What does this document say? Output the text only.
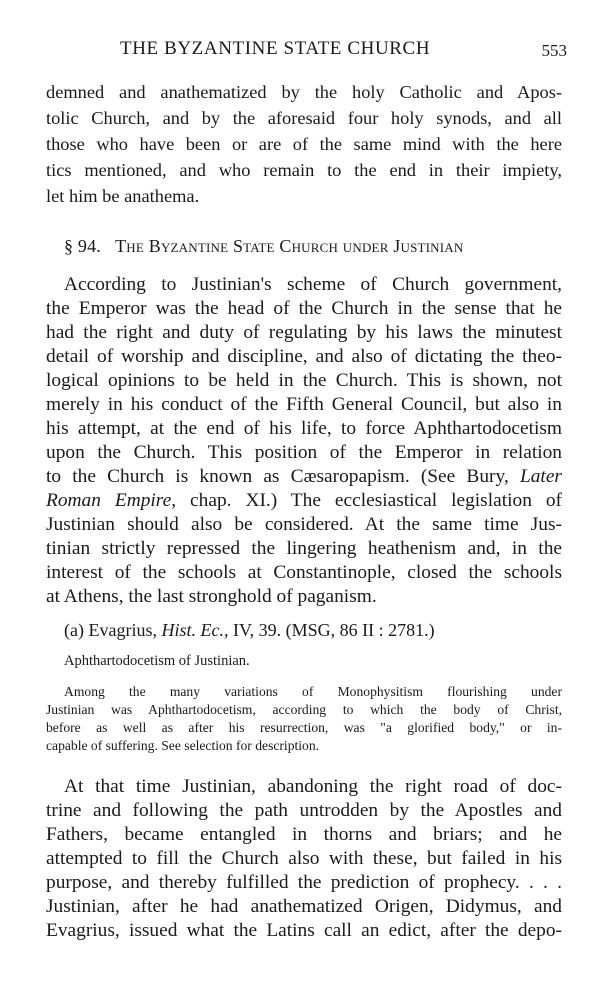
THE BYZANTINE STATE CHURCH	553
demned and anathematized by the holy Catholic and Apos-
tolic Church, and by the aforesaid four holy synods, and all
those who have been or are of the same mind with the here
tics mentioned, and who remain to the end in their impiety,
let him be anathema.
§ 94. The Byzantine State Church under Justinian
According to Justinian's scheme of Church government,
the Emperor was the head of the Church in the sense that he
had the right and duty of regulating by his laws the minutest
detail of worship and discipline, and also of dictating the theo-
logical opinions to be held in the Church. This is shown, not
merely in his conduct of the Fifth General Council, but also in
his attempt, at the end of his life, to force Aphthartodocetism
upon the Church. This position of the Emperor in relation
to the Church is known as Cæsaropapism. (See Bury, Later
Roman Empire, chap. XI.) The ecclesiastical legislation of
Justinian should also be considered. At the same time Jus-
tinian strictly repressed the lingering heathenism and, in the
interest of the schools at Constantinople, closed the schools
at Athens, the last stronghold of paganism.
(a) Evagrius, Hist. Ec., IV, 39. (MSG, 86 II : 2781.)
Aphthartodocetism of Justinian.
Among the many variations of Monophysitism flourishing under
Justinian was Aphthartodocetism, according to which the body of Christ,
before as well as after his resurrection, was "a glorified body," or in-
capable of suffering. See selection for description.
At that time Justinian, abandoning the right road of doc-
trine and following the path untrodden by the Apostles and
Fathers, became entangled in thorns and briars; and he
attempted to fill the Church also with these, but failed in his
purpose, and thereby fulfilled the prediction of prophecy. . . .
Justinian, after he had anathematized Origen, Didymus, and
Evagrius, issued what the Latins call an edict, after the depo-
